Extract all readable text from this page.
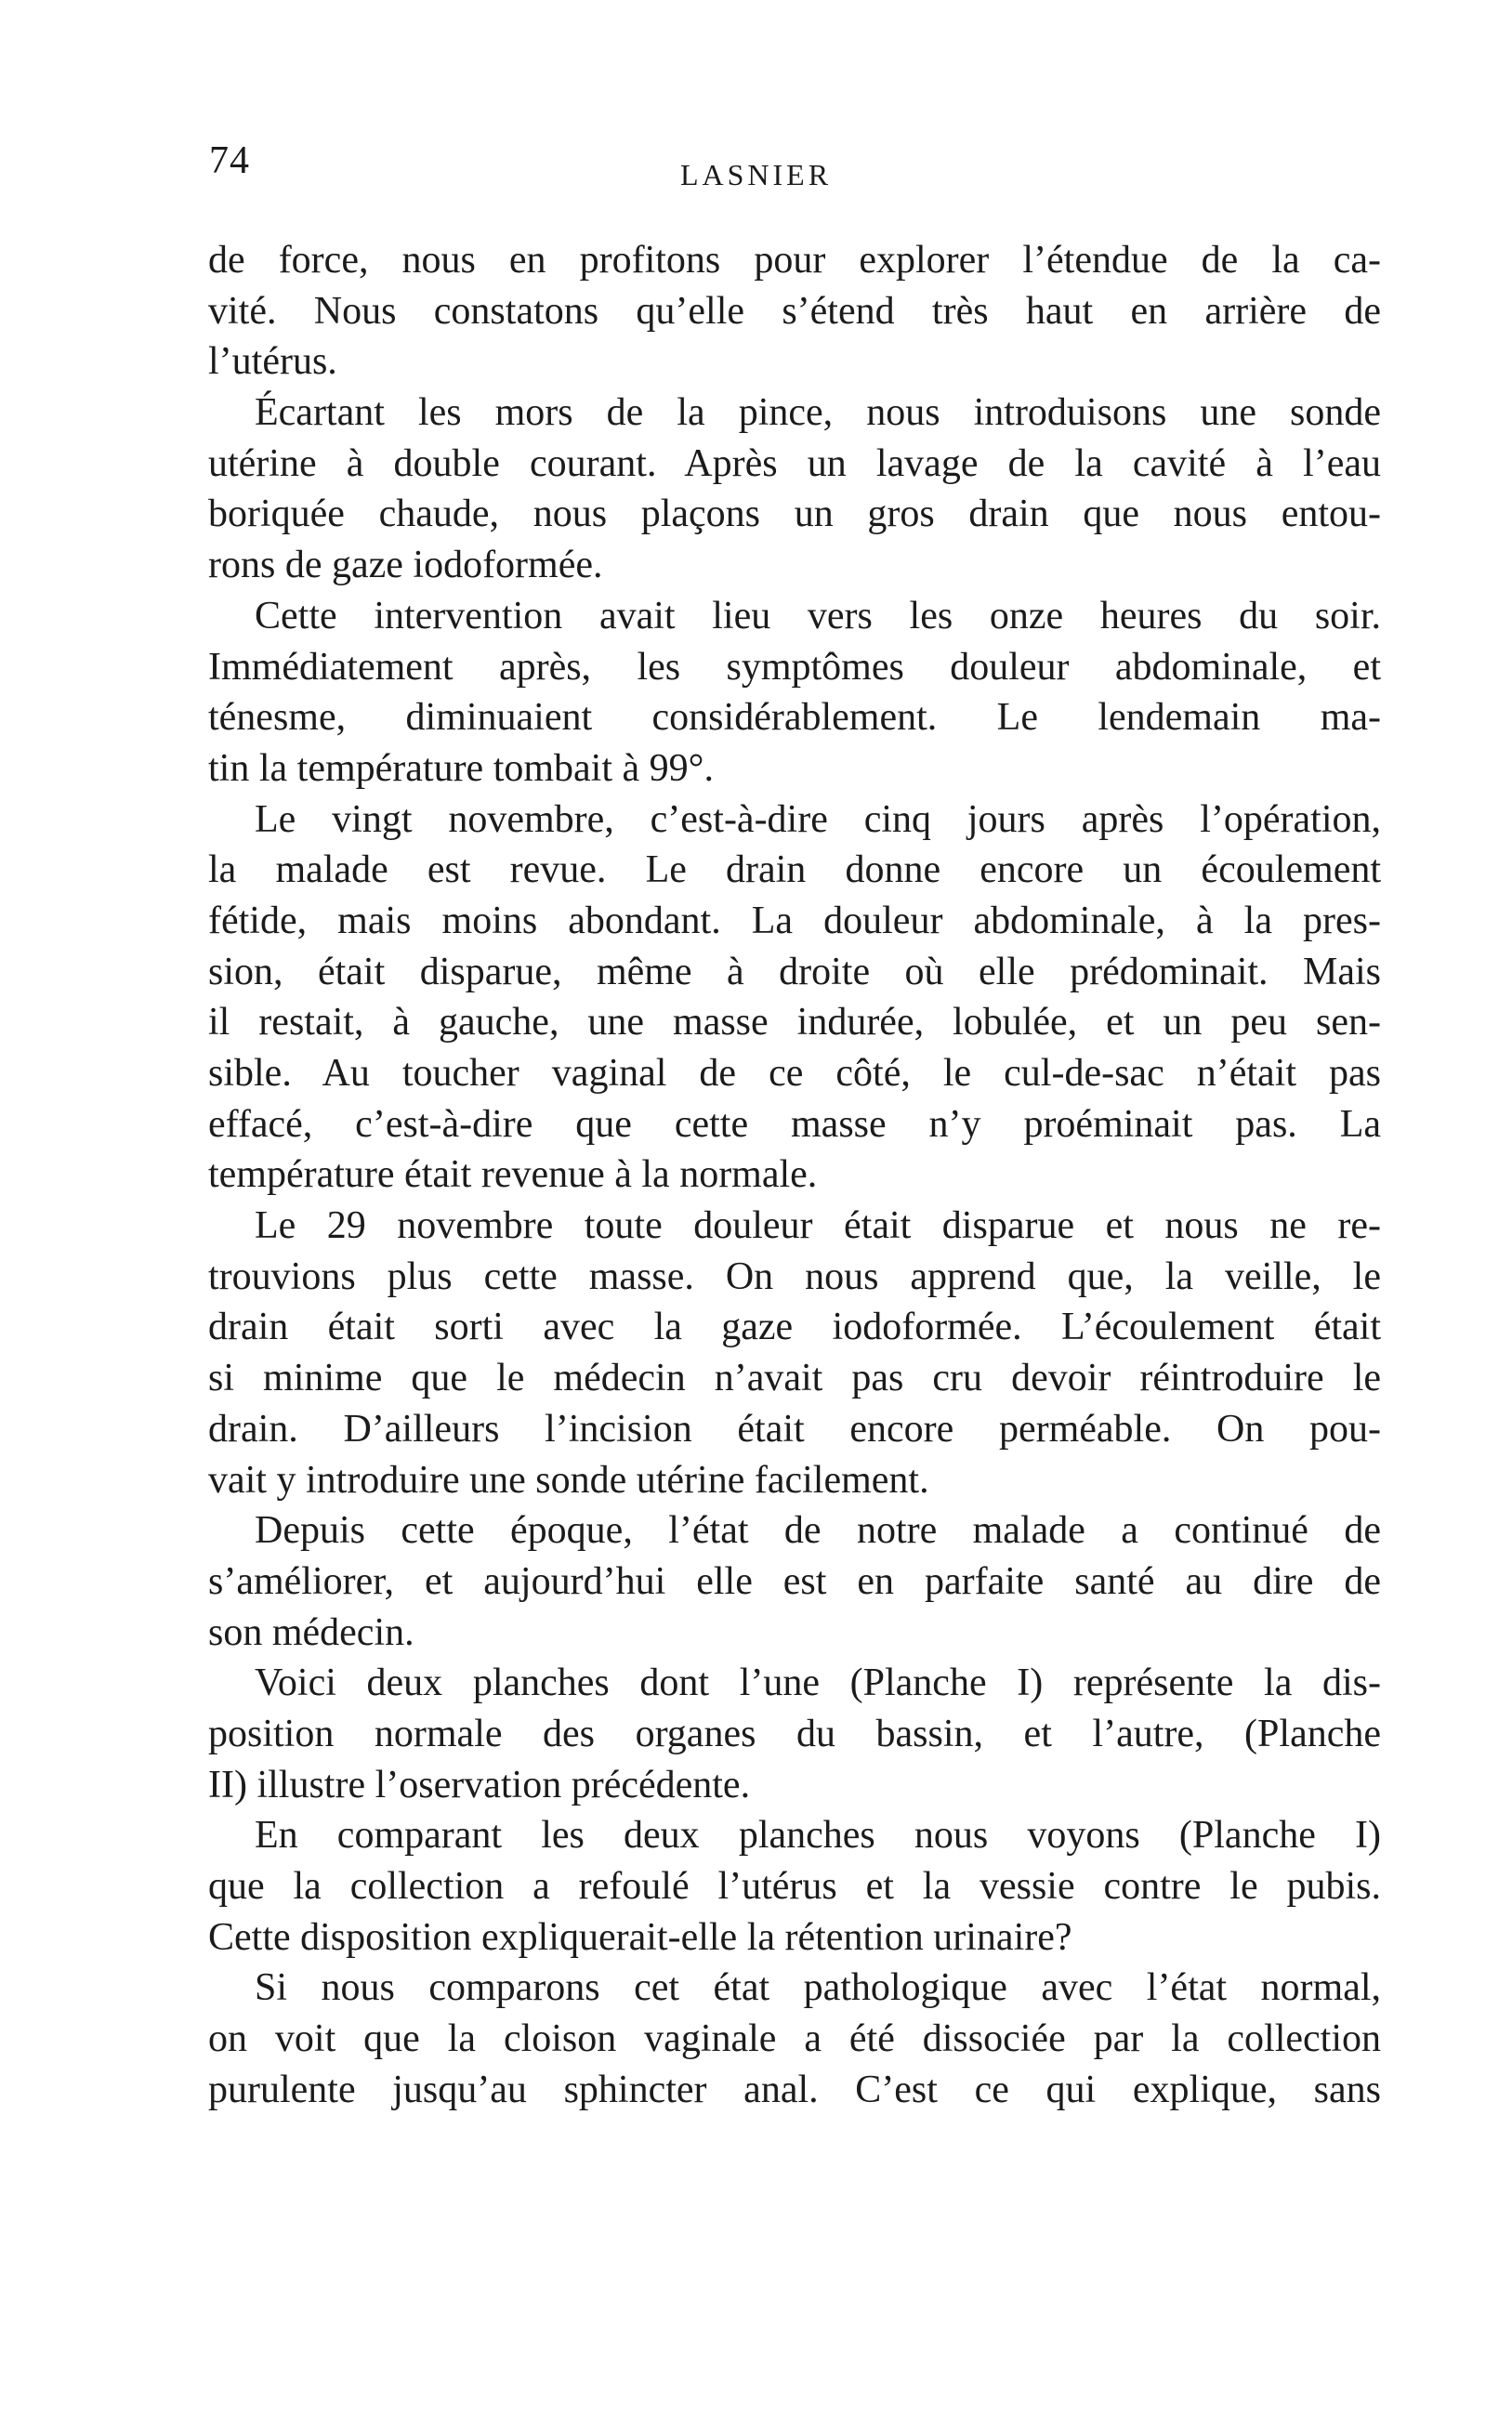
74	LASNIER
de force, nous en profitons pour explorer l’étendue de la ca-
vité. Nous constatons qu’elle s’étend très haut en arrière de
l’utérus.
Écartant les mors de la pince, nous introduisons une sonde
utérine à double courant. Après un lavage de la cavité à l’eau
boriquée chaude, nous plaçons un gros drain que nous entou-
rons de gaze iodoformée.
Cette intervention avait lieu vers les onze heures du soir.
Immédiatement après, les symptômes douleur abdominale, et
ténesme, diminuaient considérablement. Le lendemain ma-
tin la température tombait à 99°.
Le vingt novembre, c’est-à-dire cinq jours après l’opération,
la malade est revue. Le drain donne encore un écoulement
fétide, mais moins abondant. La douleur abdominale, à la pres-
sion, était disparue, même à droite où elle prédominait. Mais
il restait, à gauche, une masse indurée, lobulée, et un peu sen-
sible. Au toucher vaginal de ce côté, le cul-de-sac n’était pas
effacé, c’est-à-dire que cette masse n’y proéminait pas. La
température était revenue à la normale.
Le 29 novembre toute douleur était disparue et nous ne re-
trouvions plus cette masse. On nous apprend que, la veille, le
drain était sorti avec la gaze iodoformée. L’écoulement était
si minime que le médecin n’avait pas cru devoir réintroduire le
drain. D’ailleurs l’incision était encore perméable. On pou-
vait y introduire une sonde utérine facilement.
Depuis cette époque, l’état de notre malade a continué de
s’améliorer, et aujourd’hui elle est en parfaite santé au dire de
son médecin.
Voici deux planches dont l’une (Planche I) représente la dis-
position normale des organes du bassin, et l’autre, (Planche
II) illustre l’oservation précédente.
En comparant les deux planches nous voyons (Planche I)
que la collection a refoulé l’utérus et la vessie contre le pubis.
Cette disposition expliquerait-elle la rétention urinaire?
Si nous comparons cet état pathologique avec l’état normal,
on voit que la cloison vaginale a été dissociée par la collection
purulente jusqu’au sphincter anal. C’est ce qui explique, sans
